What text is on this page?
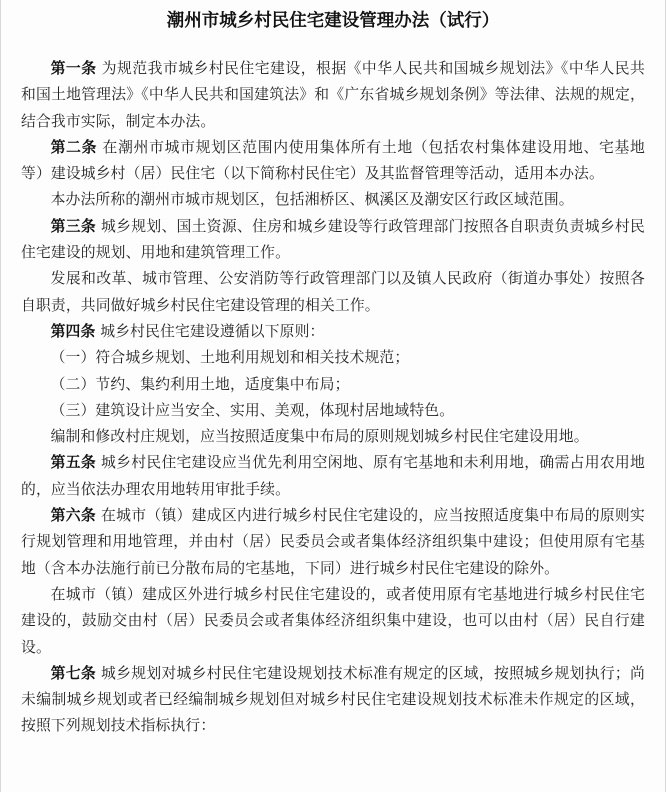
潮州市城乡村民住宅建设管理办法（试行）

第一条 为规范我市城乡村民住宅建设，根据《中华人民共和国城乡规划法》《中华人民共和国土地管理法》《中华人民共和国建筑法》和《广东省城乡规划条例》等法律、法规的规定，结合我市实际，制定本办法。

第二条 在潮州市城市规划区范围内使用集体所有土地（包括农村集体建设用地、宅基地等）建设城乡村（居）民住宅（以下简称村民住宅）及其监督管理等活动，适用本办法。

本办法所称的潮州市城市规划区，包括湘桥区、枫溪区及潮安区行政区域范围。

第三条 城乡规划、国土资源、住房和城乡建设等行政管理部门按照各自职责负责城乡村民住宅建设的规划、用地和建筑管理工作。

发展和改革、城市管理、公安消防等行政管理部门以及镇人民政府（街道办事处）按照各自职责，共同做好城乡村民住宅建设管理的相关工作。

第四条 城乡村民住宅建设遵循以下原则：

（一）符合城乡规划、土地利用规划和相关技术规范；

（二）节约、集约利用土地，适度集中布局；

（三）建筑设计应当安全、实用、美观，体现村居地域特色。

编制和修改村庄规划，应当按照适度集中布局的原则规划城乡村民住宅建设用地。

第五条 城乡村民住宅建设应当优先利用空闲地、原有宅基地和未利用地，确需占用农用地的，应当依法办理农用地转用审批手续。

第六条 在城市（镇）建成区内进行城乡村民住宅建设的，应当按照适度集中布局的原则实行规划管理和用地管理，并由村（居）民委员会或者集体经济组织集中建设；但使用原有宅基地（含本办法施行前已分散布局的宅基地，下同）进行城乡村民住宅建设的除外。

在城市（镇）建成区外进行城乡村民住宅建设的，或者使用原有宅基地进行城乡村民住宅建设的，鼓励交由村（居）民委员会或者集体经济组织集中建设，也可以由村（居）民自行建设。

第七条 城乡规划对城乡村民住宅建设规划技术标准有规定的区域，按照城乡规划执行；尚未编制城乡规划或者已经编制城乡规划但对城乡村民住宅建设规划技术标准未作规定的区域，按照下列规划技术指标执行：
